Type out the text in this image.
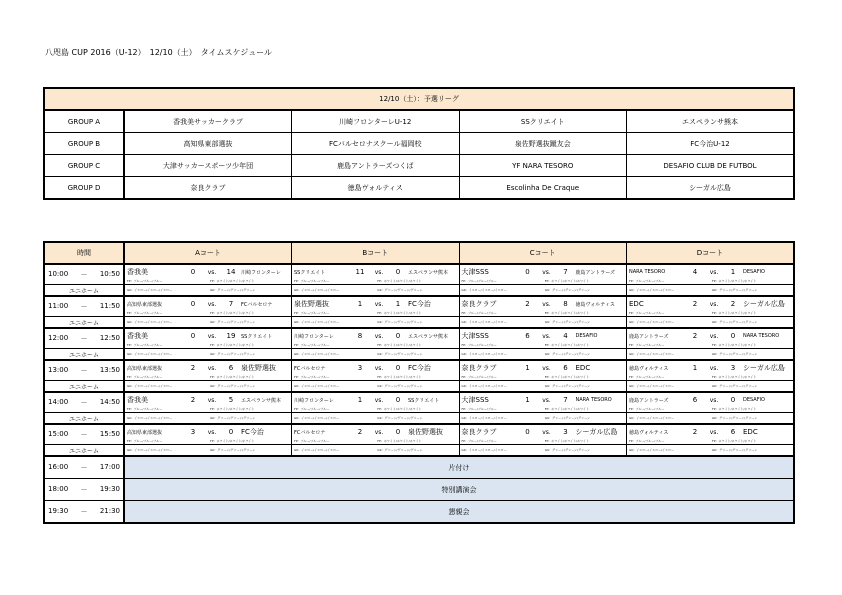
八咫島 CUP 2016（U-12）　12/10（土）　タイムスケジュール
12/10（土）：予選リーグ				
GROUP A	香我美サッカークラブ	川崎フロンターレU-12	SSクリエイト	エスペランサ熊本
GROUP B	高知県東部選抜	FCバルセロナスクール福岡校	泉佐野選抜蹴友会	FC今治U-12
GROUP C	大津サッカースポーツ少年団	鹿島アントラーズつくば	YF NARA TESORO	DESAFIO CLUB DE FUTBOL
GROUP D	奈良クラブ	徳島ヴォルティス	Escolinha De Craque	シーガル広島
時間	Aコート	Bコート	Cコート	Dコート

10:00 － 10:50	香我美 0 vs. 14 川崎フロンターレ	SSクリエイト 11 vs. 0 エスペランサ熊本	大津SSS 0 vs. 7 鹿島アントラーズ	NARA TESORO 4 vs. 1 DESAFIO

	FP：ブルー/ブルー/ブルー FP：ホワイト/ホワイト/ホワイト	FP：ブルー/ブルー/ブルー FP：ホワイト/ホワイト/ホワイト	FP：ブルー/ブルー/ブルー FP：ホワイト/ホワイト/ホワイト	FP：ブルー/ブルー/ブルー FP：ホワイト/ホワイト/ホワイト

ユニホーム	GK：イエロー/イエロー/イエロー GK：グリーン/グリーン/グリーン	GK：イエロー/イエロー/イエロー GK：グリーン/グリーン/グリーン	GK：イエロー/イエロー/イエロー GK：グリーン/グリーン/グリーン	GK：イエロー/イエロー/イエロー GK：グリーン/グリーン/グリーン

11:00 － 11:50	高知県東部選抜 0 vs. 7 FCバルセロナ	泉佐野選抜 1 vs. 1 FC今治	奈良クラブ 2 vs. 8 徳島ヴォルティス	EDC 2 vs. 2 シーガル広島

	FP：ブルー/ブルー/ブルー FP：ホワイト/ホワイト/ホワイト	FP：ブルー/ブルー/ブルー FP：ホワイト/ホワイト/ホワイト	FP：ブルー/ブルー/ブルー FP：ホワイト/ホワイト/ホワイト	FP：ブルー/ブルー/ブルー FP：ホワイト/ホワイト/ホワイト

ユニホーム	GK：イエロー/イエロー/イエロー GK：グリーン/グリーン/グリーン	GK：イエロー/イエロー/イエロー GK：グリーン/グリーン/グリーン	GK：イエロー/イエロー/イエロー GK：グリーン/グリーン/グリーン	GK：イエロー/イエロー/イエロー GK：グリーン/グリーン/グリーン

12:00 － 12:50	香我美 0 vs. 19 SSクリエイト	川崎フロンターレ 8 vs. 0 エスペランサ熊本	大津SSS 6 vs. 4 DESAFIO	鹿島アントラーズ 2 vs. 0 NARA TESORO

	FP：ブルー/ブルー/ブルー FP：ホワイト/ホワイト/ホワイト	FP：ブルー/ブルー/ブルー FP：ホワイト/ホワイト/ホワイト	FP：ブルー/ブルー/ブルー FP：ホワイト/ホワイト/ホワイト	FP：ブルー/ブルー/ブルー FP：ホワイト/ホワイト/ホワイト

ユニホーム	GK：イエロー/イエロー/イエロー GK：グリーン/グリーン/グリーン	GK：イエロー/イエロー/イエロー GK：グリーン/グリーン/グリーン	GK：イエロー/イエロー/イエロー GK：グリーン/グリーン/グリーン	GK：イエロー/イエロー/イエロー GK：グリーン/グリーン/グリーン

13:00 － 13:50	高知県東部選抜 2 vs. 6 泉佐野選抜	FCバルセロナ 3 vs. 0 FC今治	奈良クラブ 1 vs. 6 EDC	徳島ヴォルティス 1 vs. 3 シーガル広島

	FP：ブルー/ブルー/ブルー FP：ホワイト/ホワイト/ホワイト	FP：ブルー/ブルー/ブルー FP：ホワイト/ホワイト/ホワイト	FP：ブルー/ブルー/ブルー FP：ホワイト/ホワイト/ホワイト	FP：ブルー/ブルー/ブルー FP：ホワイト/ホワイト/ホワイト

ユニホーム	GK：イエロー/イエロー/イエロー GK：グリーン/グリーン/グリーン	GK：イエロー/イエロー/イエロー GK：グリーン/グリーン/グリーン	GK：イエロー/イエロー/イエロー GK：グリーン/グリーン/グリーン	GK：イエロー/イエロー/イエロー GK：グリーン/グリーン/グリーン

14:00 － 14:50	香我美 2 vs. 5 エスペランサ熊本	川崎フロンターレ 1 vs. 0 SSクリエイト	大津SSS 1 vs. 7 NARA TESORO	鹿島アントラーズ 6 vs. 0 DESAFIO

	FP：ブルー/ブルー/ブルー FP：ホワイト/ホワイト/ホワイト	FP：ブルー/ブルー/ブルー FP：ホワイト/ホワイト/ホワイト	FP：ブルー/ブルー/ブルー FP：ホワイト/ホワイト/ホワイト	FP：ブルー/ブルー/ブルー FP：ホワイト/ホワイト/ホワイト

ユニホーム	GK：イエロー/イエロー/イエロー GK：グリーン/グリーン/グリーン	GK：イエロー/イエロー/イエロー GK：グリーン/グリーン/グリーン	GK：イエロー/イエロー/イエロー GK：グリーン/グリーン/グリーン	GK：イエロー/イエロー/イエロー GK：グリーン/グリーン/グリーン

15:00 － 15:50	高知県東部選抜 3 vs. 0 FC今治	FCバルセロナ 2 vs. 0 泉佐野選抜	奈良クラブ 0 vs. 3 シーガル広島	徳島ヴォルティス 2 vs. 6 EDC

	FP：ブルー/ブルー/ブルー FP：ホワイト/ホワイト/ホワイト	FP：ブルー/ブルー/ブルー FP：ホワイト/ホワイト/ホワイト	FP：ブルー/ブルー/ブルー FP：ホワイト/ホワイト/ホワイト	FP：ブルー/ブルー/ブルー FP：ホワイト/ホワイト/ホワイト

ユニホーム	GK：イエロー/イエロー/イエロー GK：グリーン/グリーン/グリーン	GK：イエロー/イエロー/イエロー GK：グリーン/グリーン/グリーン	GK：イエロー/イエロー/イエロー GK：グリーン/グリーン/グリーン	GK：イエロー/イエロー/イエロー GK：グリーン/グリーン/グリーン

16:00 － 17:00	片付け			

18:00 － 19:30	特別講演会			

19:30 － 21:30	懇親会			
